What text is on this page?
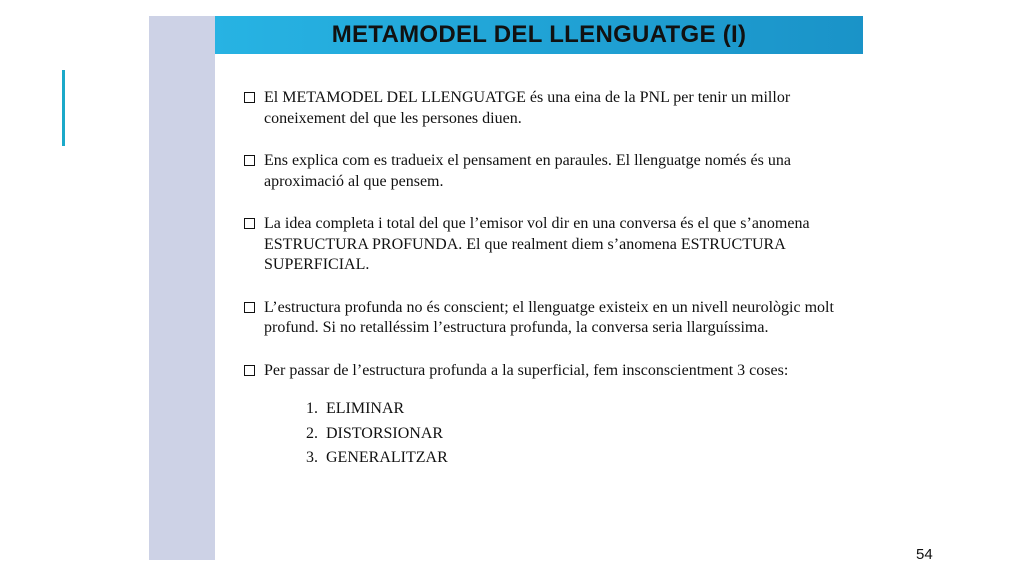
METAMODEL DEL LLENGUATGE (I)
El METAMODEL DEL LLENGUATGE és una eina de la PNL per tenir un millor coneixement del que les persones diuen.
Ens explica com es tradueix el pensament en paraules. El llenguatge només és una aproximació al que pensem.
La idea completa i total del que l’emisor vol dir en una conversa és el que s’anomena ESTRUCTURA PROFUNDA. El que realment diem s’anomena ESTRUCTURA SUPERFICIAL.
L’estructura profunda no és conscient; el llenguatge existeix en un nivell neurològic molt profund. Si no retalléssim l’estructura profunda, la conversa seria llarguíssima.
Per passar de l’estructura profunda a la superficial, fem insconscientment 3 coses:
1. ELIMINAR
2. DISTORSIONAR
3. GENERALITZAR
54
